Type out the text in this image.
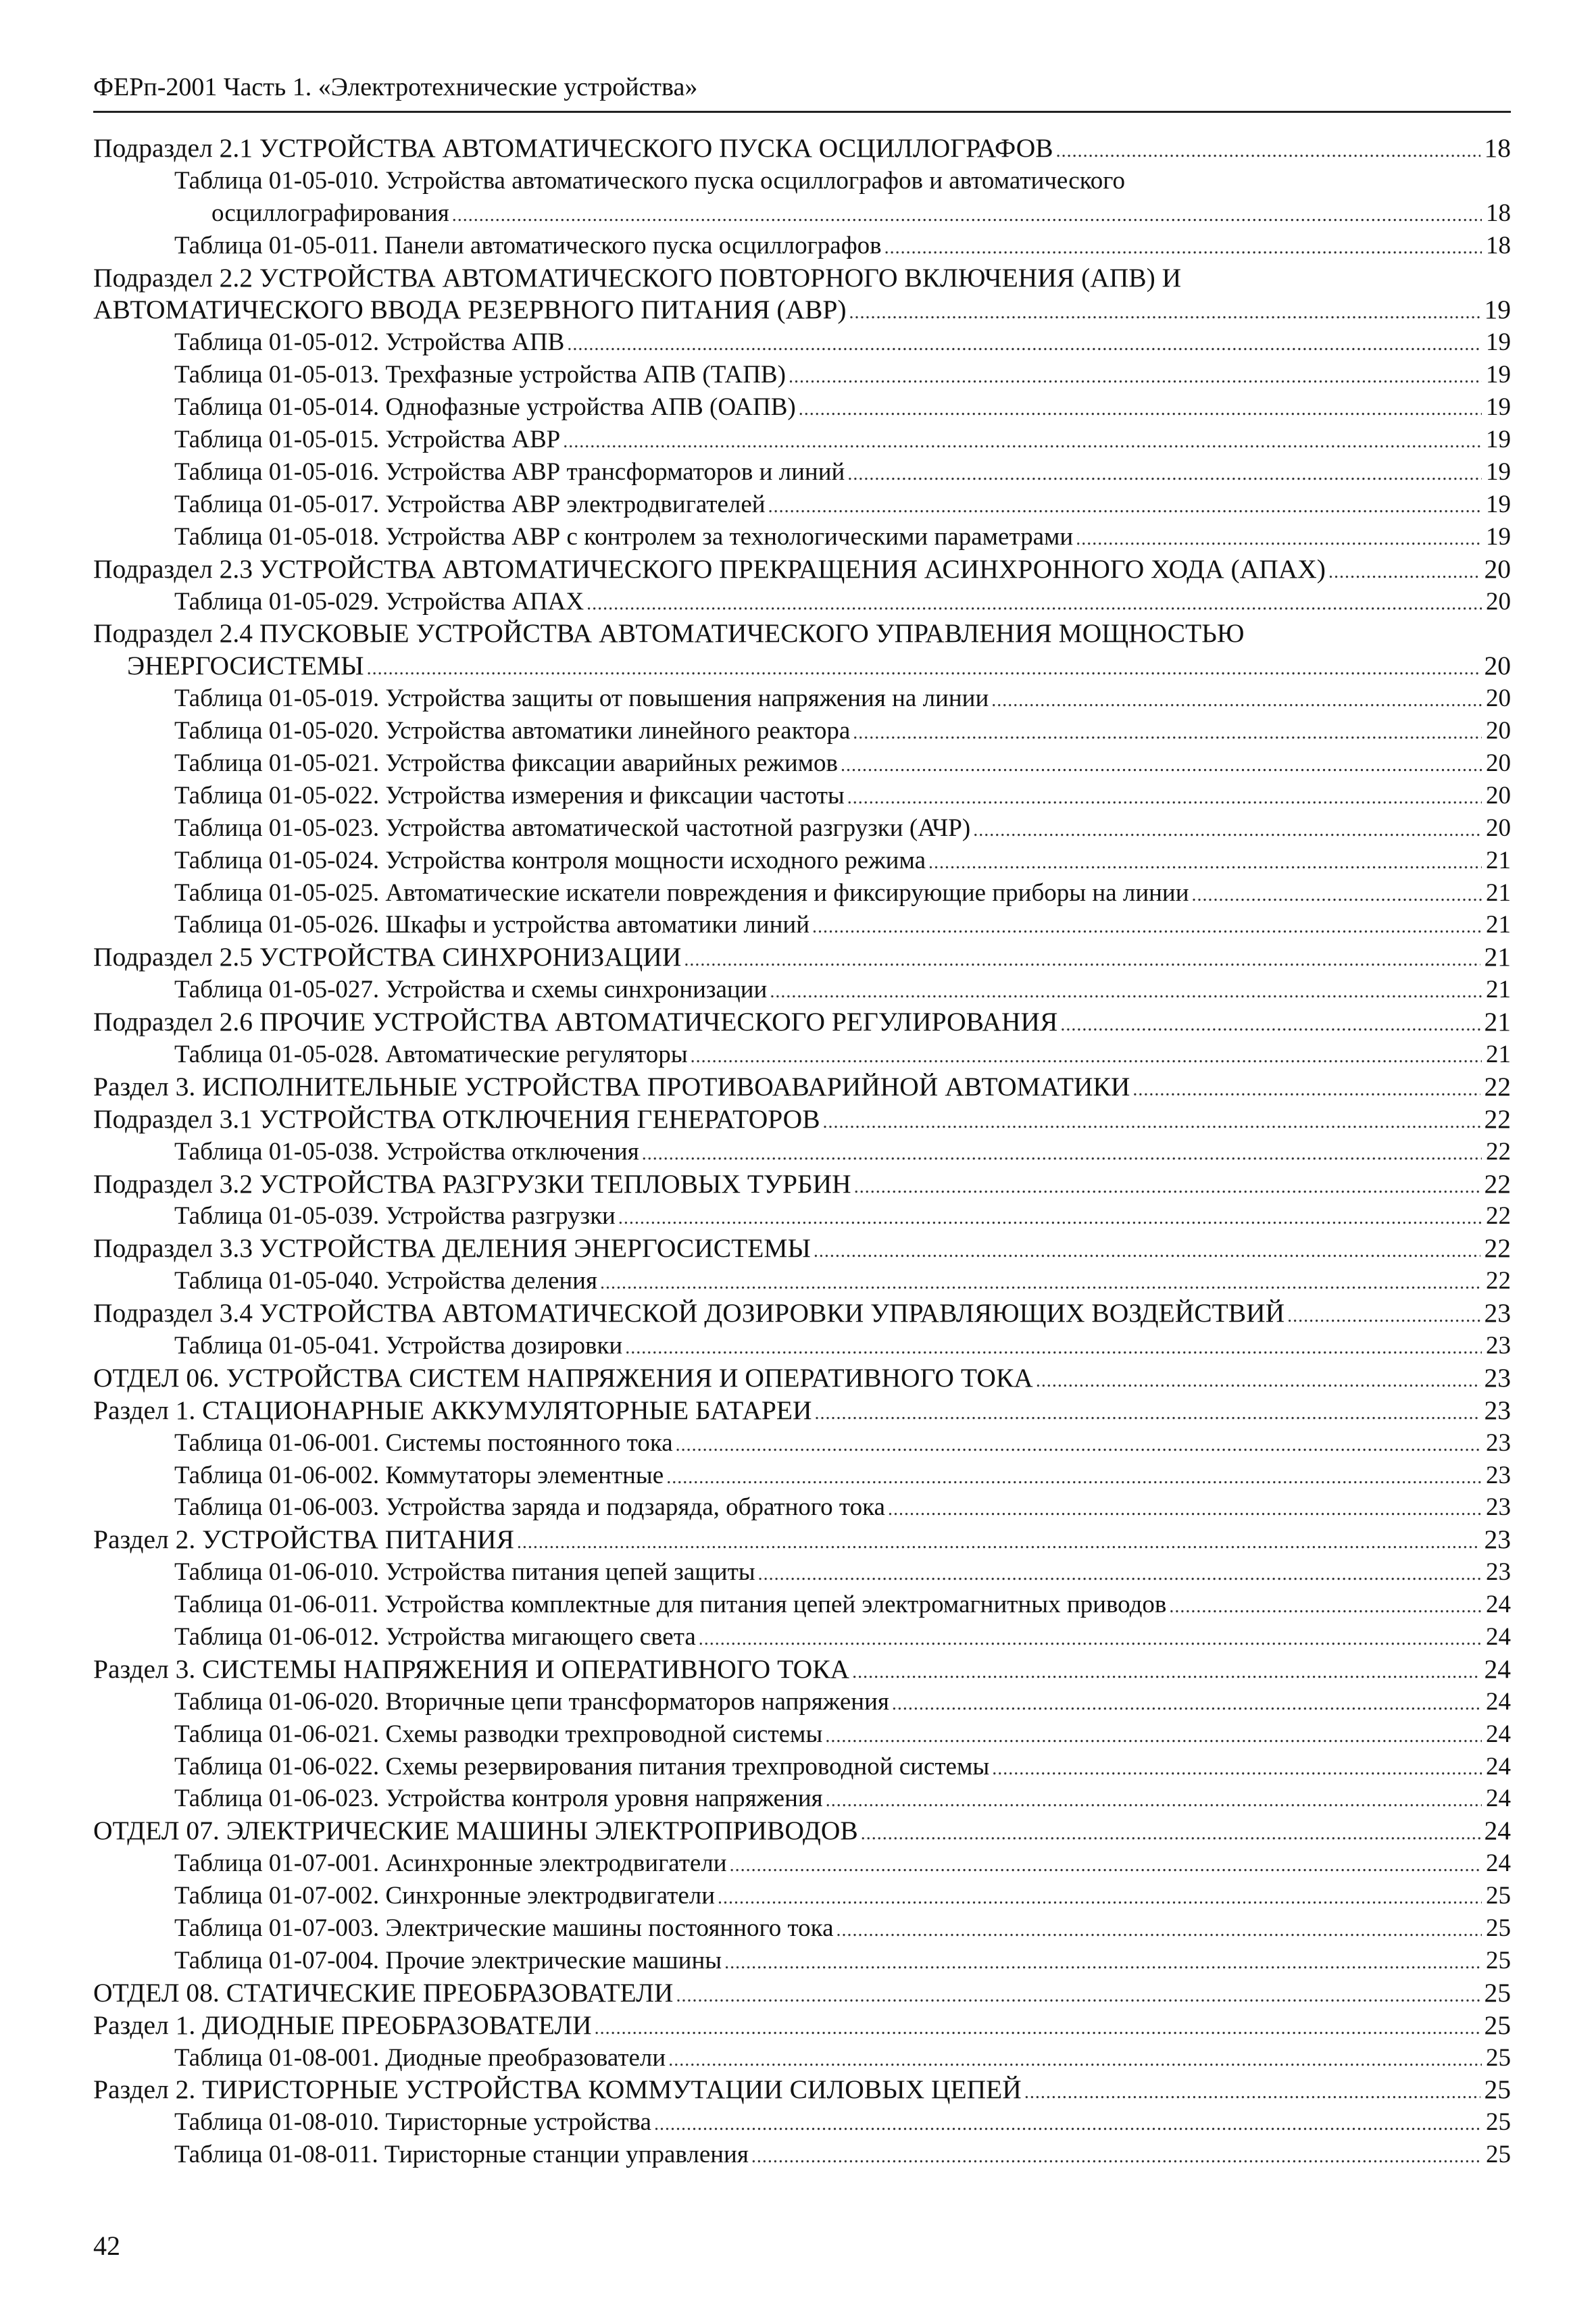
ФЕРп-2001 Часть 1. «Электротехнические устройства»
Подраздел 2.1 УСТРОЙСТВА АВТОМАТИЧЕСКОГО ПУСКА ОСЦИЛЛОГРАФОВ .....	18
Таблица 01-05-010. Устройства автоматического пуска осциллографов и автоматического
осциллографирования .....	18
Таблица 01-05-011. Панели автоматического пуска осциллографов .....	18
Подраздел 2.2 УСТРОЙСТВА АВТОМАТИЧЕСКОГО ПОВТОРНОГО ВКЛЮЧЕНИЯ (АПВ) И
АВТОМАТИЧЕСКОГО ВВОДА РЕЗЕРВНОГО ПИТАНИЯ (АВР) .....	19
Таблица 01-05-012. Устройства АПВ .....	19
Таблица 01-05-013. Трехфазные устройства АПВ (ТАПВ) .....	19
Таблица 01-05-014. Однофазные устройства АПВ (ОАПВ) .....	19
Таблица 01-05-015. Устройства АВР .....	19
Таблица 01-05-016. Устройства АВР трансформаторов и линий .....	19
Таблица 01-05-017. Устройства АВР электродвигателей .....	19
Таблица 01-05-018. Устройства АВР с контролем за технологическими параметрами .....	19
Подраздел 2.3 УСТРОЙСТВА АВТОМАТИЧЕСКОГО ПРЕКРАЩЕНИЯ АСИНХРОННОГО ХОДА (АПАХ) .....	20
Таблица 01-05-029. Устройства АПАХ .....	20
Подраздел 2.4 ПУСКОВЫЕ УСТРОЙСТВА АВТОМАТИЧЕСКОГО УПРАВЛЕНИЯ МОЩНОСТЬЮ
ЭНЕРГОСИСТЕМЫ .....	20
Таблица 01-05-019. Устройства защиты от повышения напряжения на линии .....	20
Таблица 01-05-020. Устройства автоматики линейного реактора .....	20
Таблица 01-05-021. Устройства фиксации аварийных режимов .....	20
Таблица 01-05-022. Устройства измерения и фиксации частоты .....	20
Таблица 01-05-023. Устройства автоматической частотной разгрузки (АЧР) .....	20
Таблица 01-05-024. Устройства контроля мощности исходного режима .....	21
Таблица 01-05-025. Автоматические искатели повреждения и фиксирующие приборы на линии .....	21
Таблица 01-05-026. Шкафы и устройства автоматики линий .....	21
Подраздел 2.5 УСТРОЙСТВА СИНХРОНИЗАЦИИ .....	21
Таблица 01-05-027. Устройства и схемы синхронизации .....	21
Подраздел 2.6 ПРОЧИЕ УСТРОЙСТВА АВТОМАТИЧЕСКОГО РЕГУЛИРОВАНИЯ .....	21
Таблица 01-05-028. Автоматические регуляторы .....	21
Раздел 3. ИСПОЛНИТЕЛЬНЫЕ УСТРОЙСТВА ПРОТИВОАВАРИЙНОЙ АВТОМАТИКИ .....	22
Подраздел 3.1 УСТРОЙСТВА ОТКЛЮЧЕНИЯ ГЕНЕРАТОРОВ .....	22
Таблица 01-05-038. Устройства отключения .....	22
Подраздел 3.2 УСТРОЙСТВА РАЗГРУЗКИ ТЕПЛОВЫХ ТУРБИН .....	22
Таблица 01-05-039. Устройства разгрузки .....	22
Подраздел 3.3 УСТРОЙСТВА ДЕЛЕНИЯ ЭНЕРГОСИСТЕМЫ .....	22
Таблица 01-05-040. Устройства деления .....	22
Подраздел 3.4 УСТРОЙСТВА АВТОМАТИЧЕСКОЙ ДОЗИРОВКИ УПРАВЛЯЮЩИХ ВОЗДЕЙСТВИЙ .....	23
Таблица 01-05-041. Устройства дозировки .....	23
ОТДЕЛ 06. УСТРОЙСТВА СИСТЕМ НАПРЯЖЕНИЯ И ОПЕРАТИВНОГО ТОКА .....	23
Раздел 1. СТАЦИОНАРНЫЕ АККУМУЛЯТОРНЫЕ БАТАРЕИ .....	23
Таблица 01-06-001. Системы постоянного тока .....	23
Таблица 01-06-002. Коммутаторы элементные .....	23
Таблица 01-06-003. Устройства заряда и подзаряда, обратного тока .....	23
Раздел 2. УСТРОЙСТВА ПИТАНИЯ .....	23
Таблица 01-06-010. Устройства питания цепей защиты .....	23
Таблица 01-06-011. Устройства комплектные для питания цепей электромагнитных приводов .....	24
Таблица 01-06-012. Устройства мигающего света .....	24
Раздел 3. СИСТЕМЫ НАПРЯЖЕНИЯ И ОПЕРАТИВНОГО ТОКА .....	24
Таблица 01-06-020. Вторичные цепи трансформаторов напряжения .....	24
Таблица 01-06-021. Схемы разводки трехпроводной системы .....	24
Таблица 01-06-022. Схемы резервирования питания трехпроводной системы .....	24
Таблица 01-06-023. Устройства контроля уровня напряжения .....	24
ОТДЕЛ 07. ЭЛЕКТРИЧЕСКИЕ МАШИНЫ ЭЛЕКТРОПРИВОДОВ .....	24
Таблица 01-07-001. Асинхронные электродвигатели .....	24
Таблица 01-07-002. Синхронные электродвигатели .....	25
Таблица 01-07-003. Электрические машины постоянного тока .....	25
Таблица 01-07-004. Прочие электрические машины .....	25
ОТДЕЛ 08. СТАТИЧЕСКИЕ ПРЕОБРАЗОВАТЕЛИ .....	25
Раздел 1. ДИОДНЫЕ ПРЕОБРАЗОВАТЕЛИ .....	25
Таблица 01-08-001. Диодные преобразователи .....	25
Раздел 2. ТИРИСТОРНЫЕ УСТРОЙСТВА КОММУТАЦИИ СИЛОВЫХ ЦЕПЕЙ .....	25
Таблица 01-08-010. Тиристорные устройства .....	25
Таблица 01-08-011. Тиристорные станции управления .....	25
42
